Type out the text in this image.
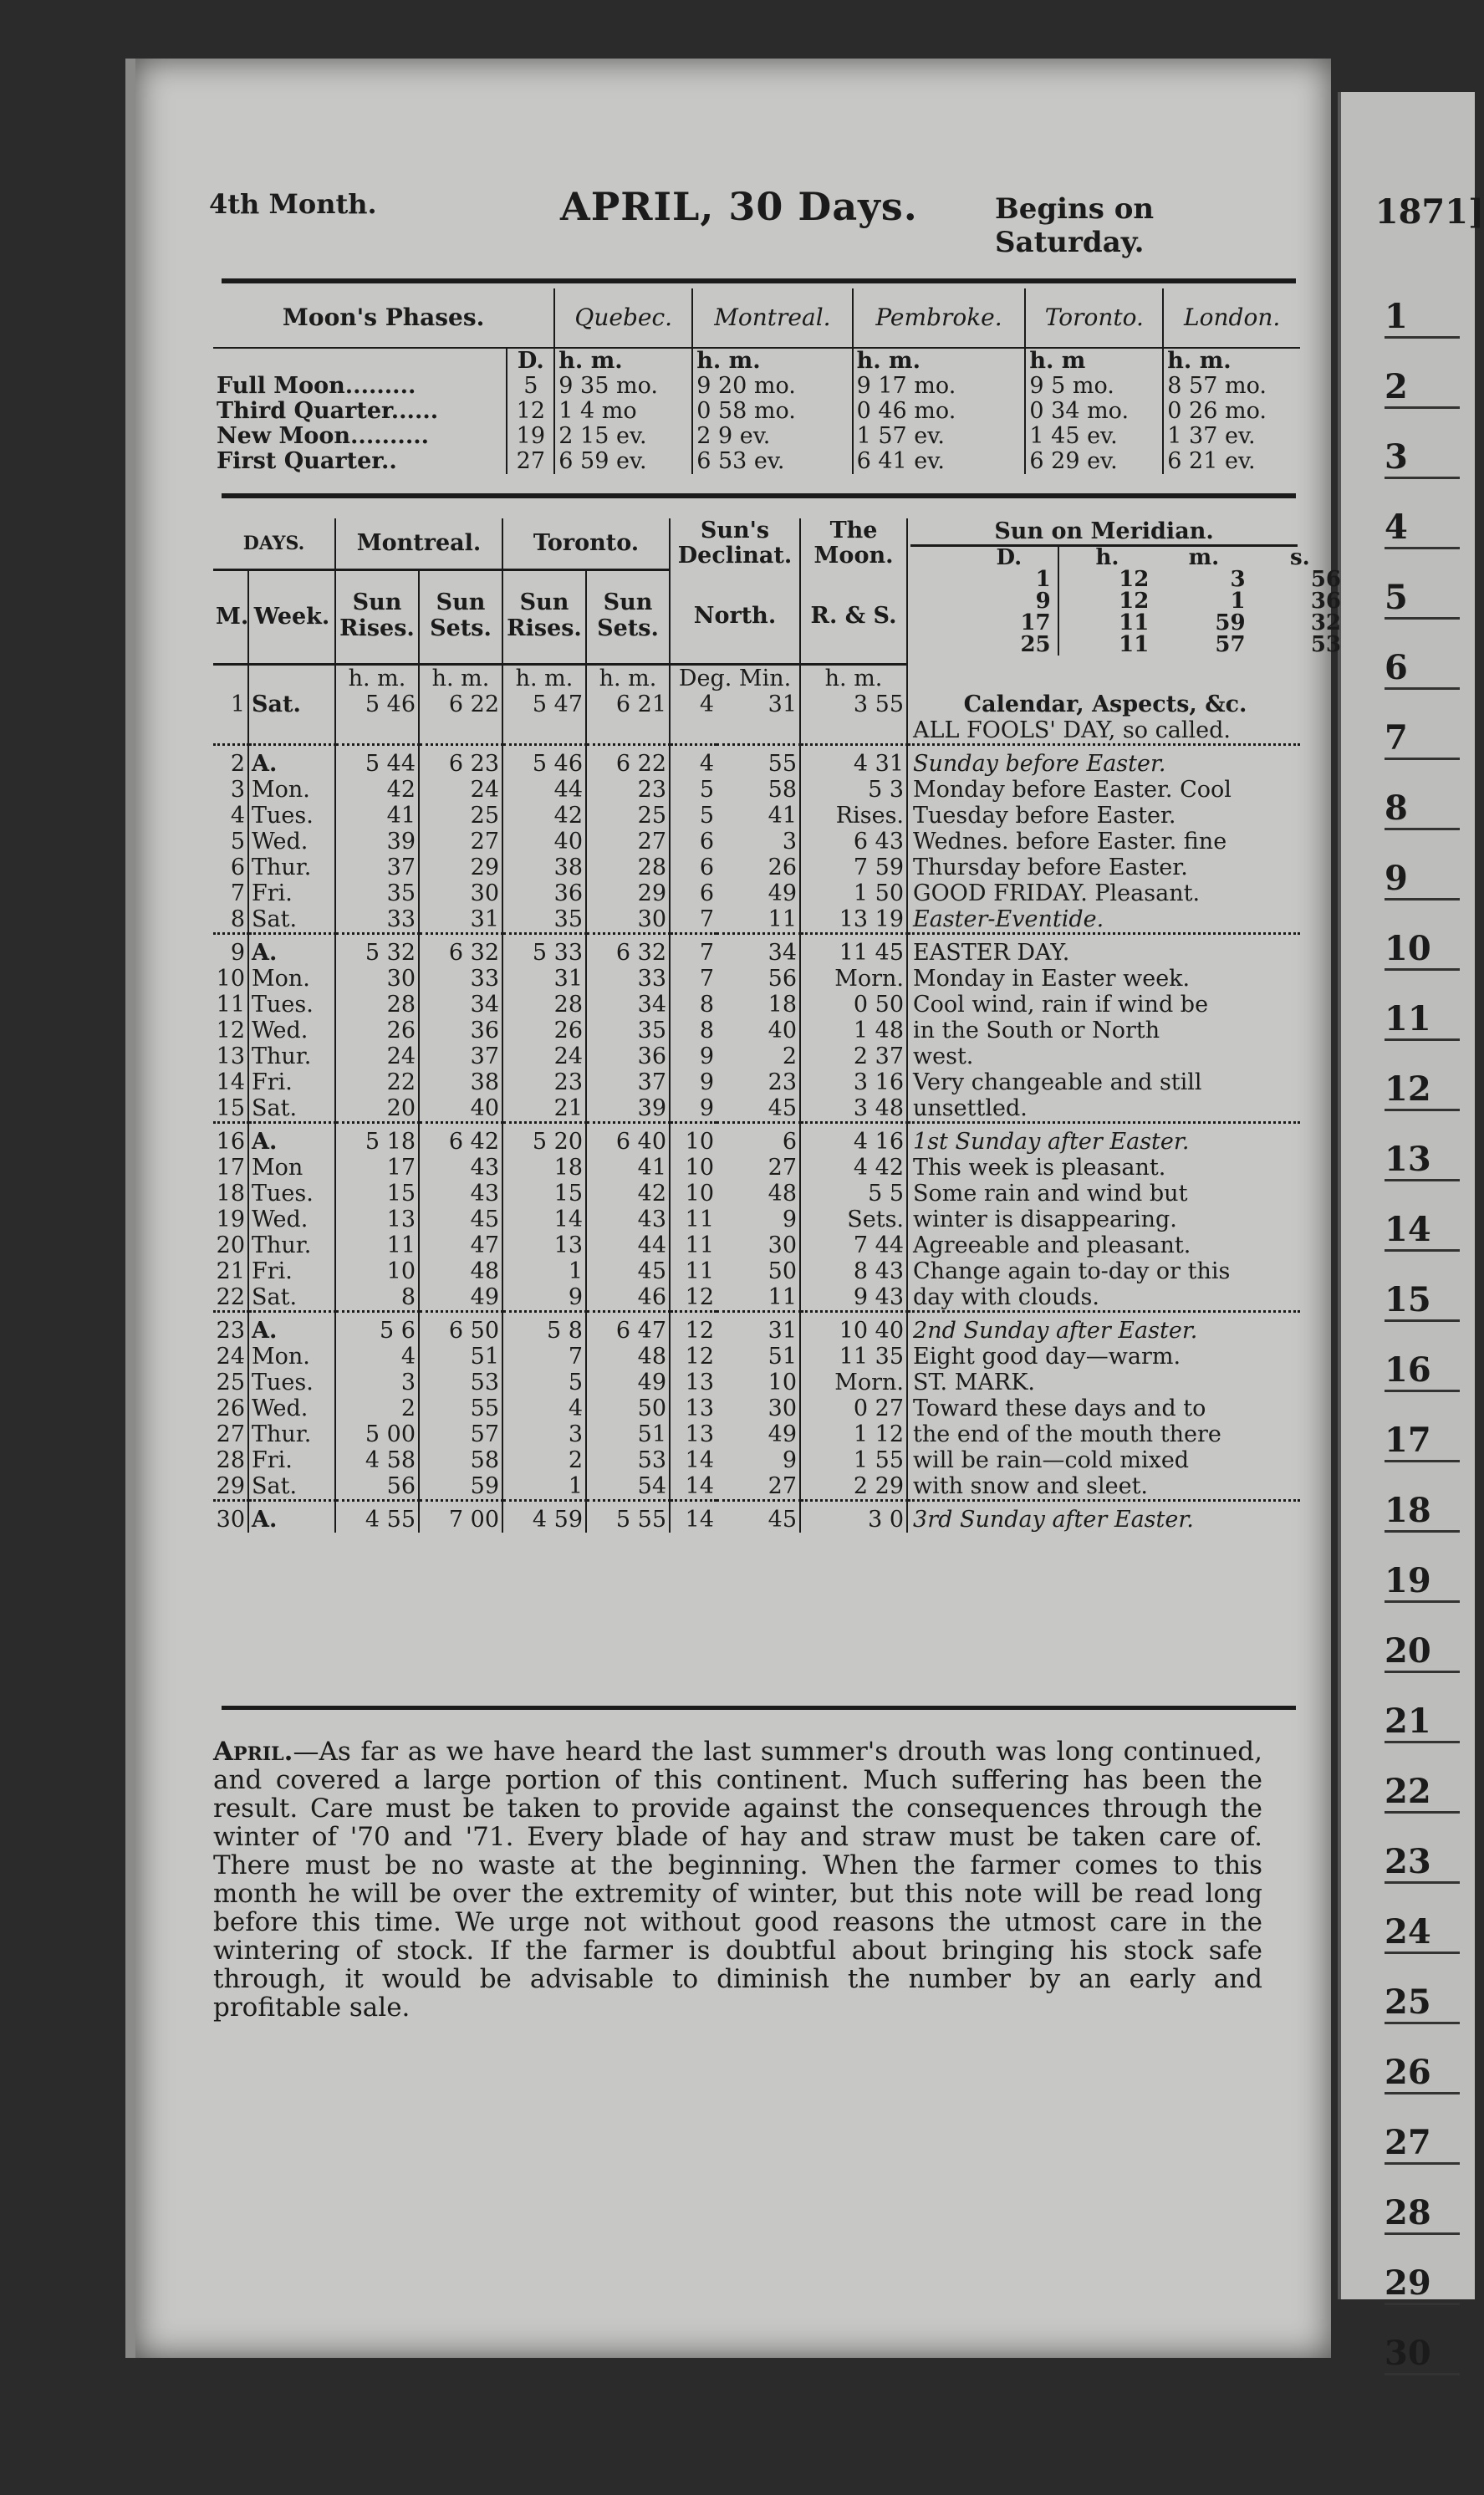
1
2
3
4
5
6
7
8
9
10
11
12
13
14
15
16
17
18
19
20
21
22
23
24
25
26
27
28
29
30
4th Month.	APRIL, 30 Days.	Begins on Saturday.
1871]
Moon's Phases.		Quebec.	Montreal.	Pembroke.	Toronto.	London.
	D.	h. m.	h. m.	h. m.	h. m	h. m.
Full Moon.........	5	9 35 mo.	9 20 mo.	9 17 mo.	9 5 mo.	8 57 mo.
Third Quarter......	12	1 4 mo	0 58 mo.	0 46 mo.	0 34 mo.	0 26 mo.
New Moon..........	19	2 15 ev.	2 9 ev.	1 57 ev.	1 45 ev.	1 37 ev.
First Quarter..	27	6 59 ev.	6 53 ev.	6 41 ev.	6 29 ev.	6 21 ev.
DAYS.	Montreal.	Toronto.	Sun's Declinat.	The Moon.	
Sun on Meridian.
D.	h.	m.	s.
1	12	3	56
9	12	1	36
17	11	59	32
25	11	57	53

M.	Week.	Sun Rises.	Sun Sets.	Sun Rises.	Sun Sets.	North.	R. & S.
		h. m.	h. m.	h. m.	h. m.	Deg. Min.	h. m.
1	Sat.	5 46	6 22	5 47	6 21	4	31	3 55	Calendar, Aspects, &c.
ALL FOOLS' DAY, so called.

2	A.	5 44	6 23	5 46	6 22	4	55	4 31	Sunday before Easter.
3	Mon.	42	24	44	23	5	58	5 3	Monday before Easter. Cool
4	Tues.	41	25	42	25	5	41	Rises.	Tuesday before Easter.
5	Wed.	39	27	40	27	6	3	6 43	Wednes. before Easter. fine
6	Thur.	37	29	38	28	6	26	7 59	Thursday before Easter.
7	Fri.	35	30	36	29	6	49	1 50	GOOD FRIDAY. Pleasant.
8	Sat.	33	31	35	30	7	11	13 19	Easter-Eventide.
9	A.	5 32	6 32	5 33	6 32	7	34	11 45	EASTER DAY.
10	Mon.	30	33	31	33	7	56	Morn.	Monday in Easter week.
11	Tues.	28	34	28	34	8	18	0 50	Cool wind, rain if wind be
12	Wed.	26	36	26	35	8	40	1 48	in the South or North
13	Thur.	24	37	24	36	9	2	2 37	west.
14	Fri.	22	38	23	37	9	23	3 16	Very changeable and still
15	Sat.	20	40	21	39	9	45	3 48	unsettled.
16	A.	5 18	6 42	5 20	6 40	10	6	4 16	1st Sunday after Easter.
17	Mon	17	43	18	41	10	27	4 42	This week is pleasant.
18	Tues.	15	43	15	42	10	48	5 5	Some rain and wind but
19	Wed.	13	45	14	43	11	9	Sets.	winter is disappearing.
20	Thur.	11	47	13	44	11	30	7 44	Agreeable and pleasant.
21	Fri.	10	48	1	45	11	50	8 43	Change again to-day or this
22	Sat.	8	49	9	46	12	11	9 43	day with clouds.
23	A.	5 6	6 50	5 8	6 47	12	31	10 40	2nd Sunday after Easter.
24	Mon.	4	51	7	48	12	51	11 35	Eight good day—warm.
25	Tues.	3	53	5	49	13	10	Morn.	ST. MARK.
26	Wed.	2	55	4	50	13	30	0 27	Toward these days and to
27	Thur.	5 00	57	3	51	13	49	1 12	the end of the mouth there
28	Fri.	4 58	58	2	53	14	9	1 55	will be rain—cold mixed
29	Sat.	56	59	1	54	14	27	2 29	with snow and sleet.
30	A.	4 55	7 00	4 59	5 55	14	45	3 0	3rd Sunday after Easter.
April.—As far as we have heard the last summer's drouth was long continued, and covered a large portion of this continent. Much suffering has been the result. Care must be taken to provide against the consequences through the winter of '70 and '71. Every blade of hay and straw must be taken care of. There must be no waste at the beginning. When the farmer comes to this month he will be over the extremity of winter, but this note will be read long before this time. We urge not without good reasons the utmost care in the wintering of stock. If the farmer is doubtful about bringing his stock safe through, it would be advisable to diminish the number by an early and profitable sale.
